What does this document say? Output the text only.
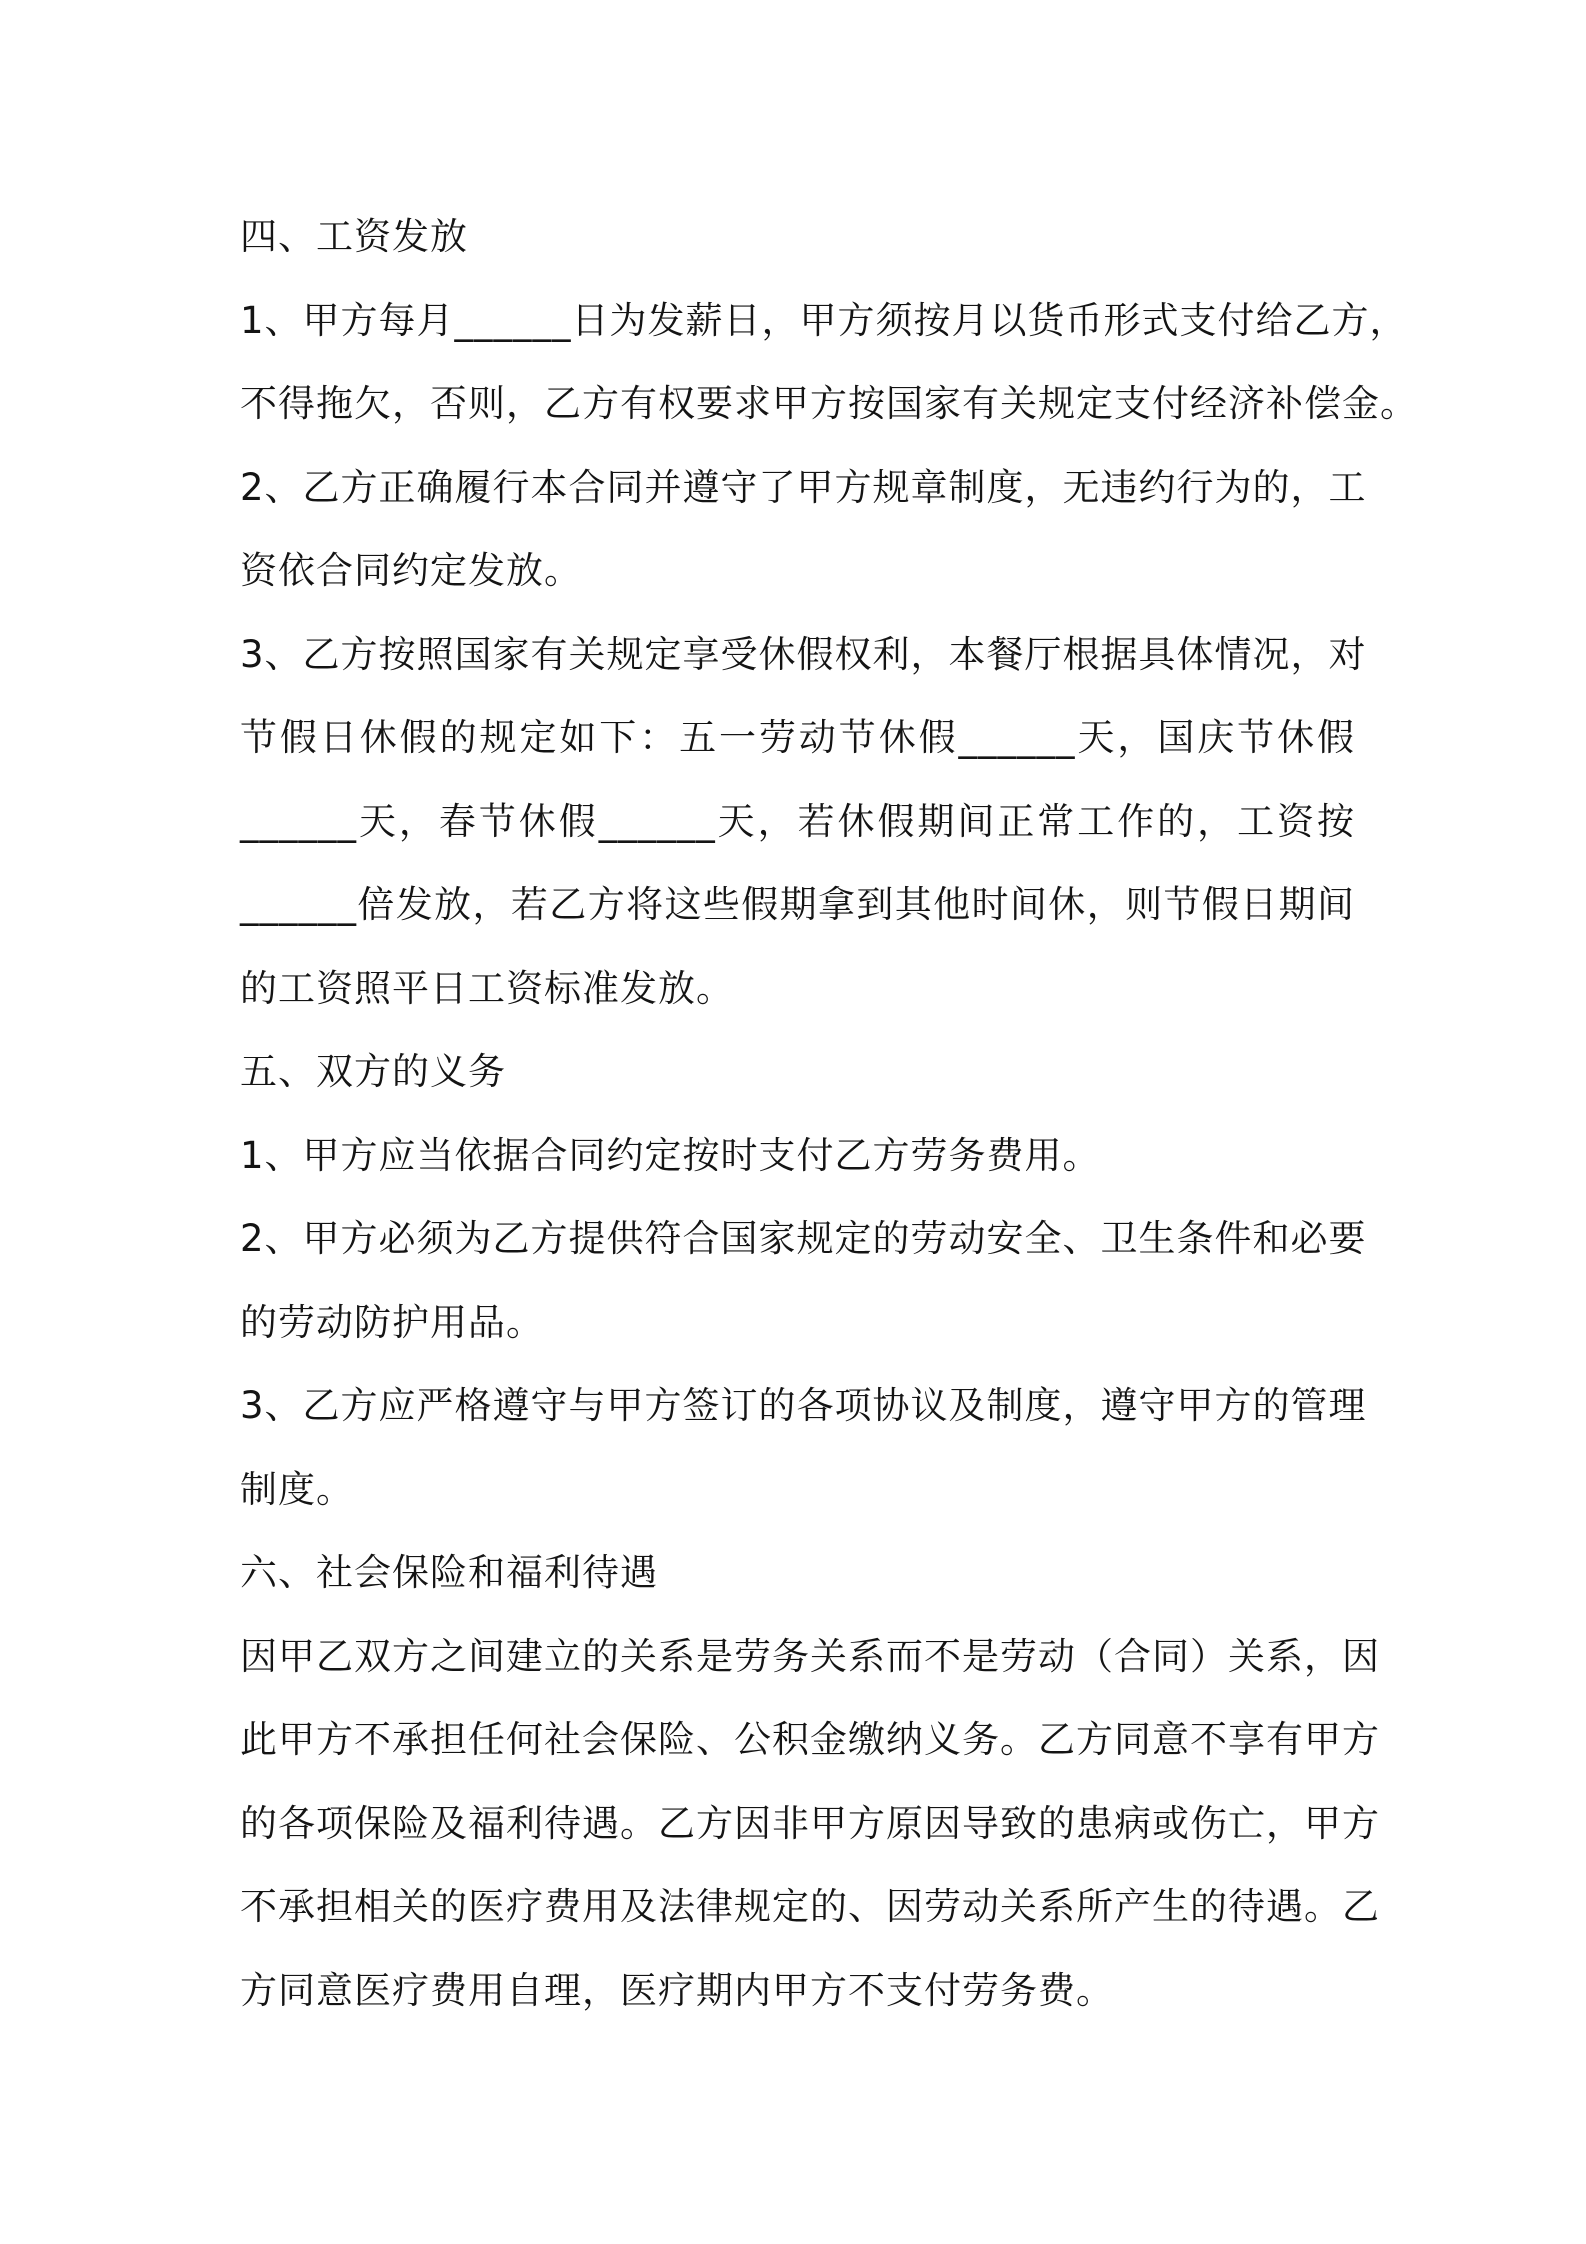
四、工资发放
1、甲方每月______日为发薪日，甲方须按月以货币形式支付给乙方，
不得拖欠，否则，乙方有权要求甲方按国家有关规定支付经济补偿金。
2、乙方正确履行本合同并遵守了甲方规章制度，无违约行为的，工
资依合同约定发放。
3、乙方按照国家有关规定享受休假权利，本餐厅根据具体情况，对
节假日休假的规定如下：五一劳动节休假______天，国庆节休假
______天，春节休假______天，若休假期间正常工作的，工资按
______倍发放，若乙方将这些假期拿到其他时间休，则节假日期间
的工资照平日工资标准发放。
五、双方的义务
1、甲方应当依据合同约定按时支付乙方劳务费用。
2、甲方必须为乙方提供符合国家规定的劳动安全、卫生条件和必要
的劳动防护用品。
3、乙方应严格遵守与甲方签订的各项协议及制度，遵守甲方的管理
制度。
六、社会保险和福利待遇
因甲乙双方之间建立的关系是劳务关系而不是劳动（合同）关系，因
此甲方不承担任何社会保险、公积金缴纳义务。乙方同意不享有甲方
的各项保险及福利待遇。乙方因非甲方原因导致的患病或伤亡，甲方
不承担相关的医疗费用及法律规定的、因劳动关系所产生的待遇。乙
方同意医疗费用自理，医疗期内甲方不支付劳务费。
